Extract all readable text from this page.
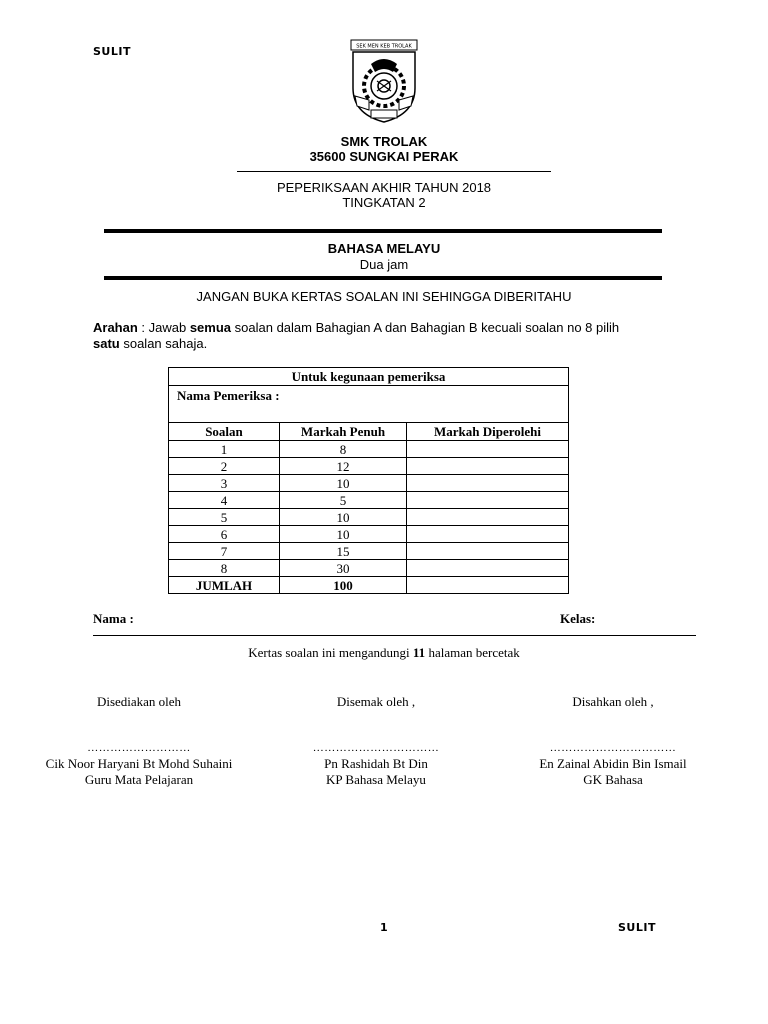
SULIT	SEK MEN KEB TROLAK
SMK TROLAK
35600 SUNGKAI PERAK
PEPERIKSAAN AKHIR TAHUN 2018
TINGKATAN 2
BAHASA MELAYU
Dua jam
JANGAN BUKA KERTAS SOALAN INI SEHINGGA DIBERITAHU
Arahan : Jawab semua soalan dalam Bahagian A dan Bahagian B kecuali soalan no 8 pilih
satu soalan sahaja.
Untuk kegunaan pemeriksa		
Nama Pemeriksa :		
Soalan	Markah Penuh	Markah Diperolehi
1	8	
2	12	
3	10	
4	5	
5	10	
6	10	
7	15	
8	30	
JUMLAH	100	
Nama :	Kelas:
Kertas soalan ini mengandungi 11 halaman bercetak
Disediakan oleh
………………………
Cik Noor Haryani Bt Mohd Suhaini
Guru Mata Pelajaran
Disemak oleh ,
……………………………
Pn Rashidah Bt Din
KP Bahasa Melayu
Disahkan oleh ,
……………………………
En Zainal Abidin Bin Ismail
GK Bahasa
1	SULIT
